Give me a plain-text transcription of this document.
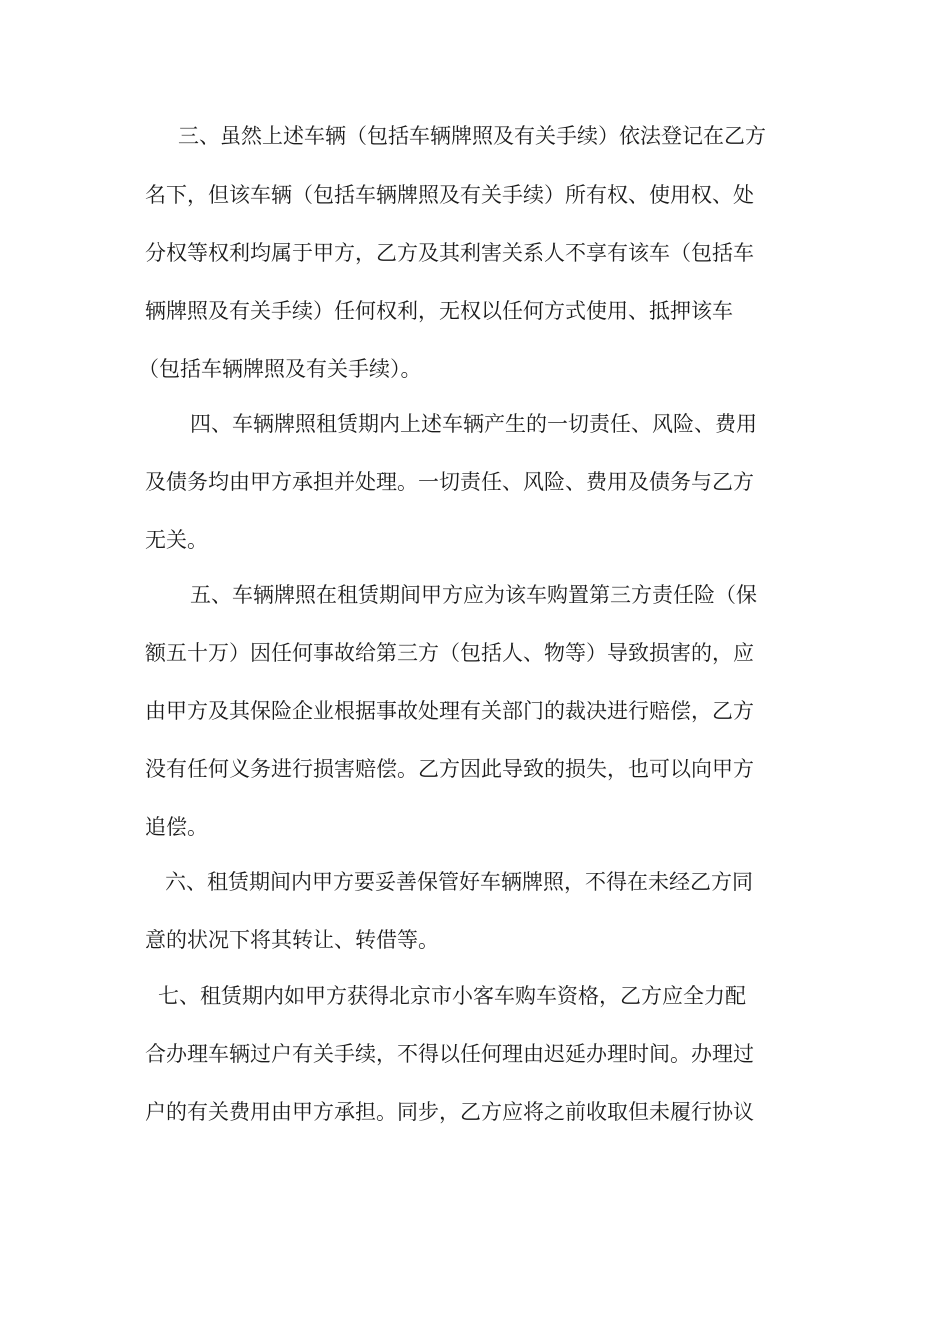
三、虽然上述车辆（包括车辆牌照及有关手续）依法登记在乙方
名下，但该车辆（包括车辆牌照及有关手续）所有权、使用权、处
分权等权利均属于甲方，乙方及其利害关系人不享有该车（包括车
辆牌照及有关手续）任何权利，无权以任何方式使用、抵押该车
（包括车辆牌照及有关手续）。
四、车辆牌照租赁期内上述车辆产生的一切责任、风险、费用
及债务均由甲方承担并处理。一切责任、风险、费用及债务与乙方
无关。
五、车辆牌照在租赁期间甲方应为该车购置第三方责任险（保
额五十万）因任何事故给第三方（包括人、物等）导致损害的，应
由甲方及其保险企业根据事故处理有关部门的裁决进行赔偿，乙方
没有任何义务进行损害赔偿。乙方因此导致的损失，也可以向甲方
追偿。
六、租赁期间内甲方要妥善保管好车辆牌照，不得在未经乙方同
意的状况下将其转让、转借等。
七、租赁期内如甲方获得北京市小客车购车资格，乙方应全力配
合办理车辆过户有关手续，不得以任何理由迟延办理时间。办理过
户的有关费用由甲方承担。同步，乙方应将之前收取但未履行协议
